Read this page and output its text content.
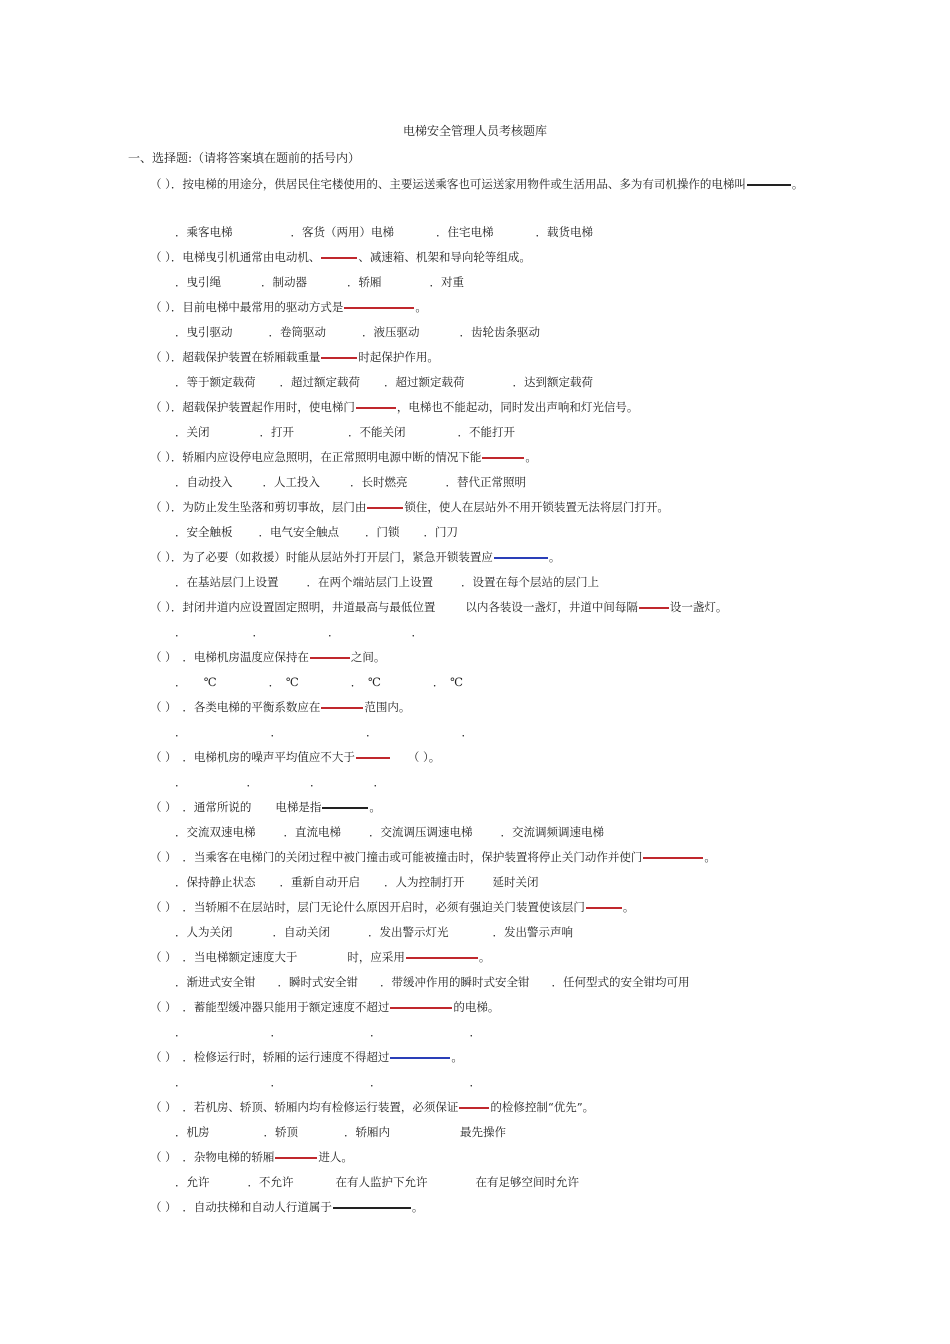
电梯安全管理人员考核题库
一、选择题:（请将答案填在题前的括号内）
（ ）．按电梯的用途分，供居民住宅楼使用的、主要运送乘客也可运送家用物件或生活用品、多为有司机操作的电梯叫	。
．乘客电梯	．客货（两用）电梯	．住宅电梯	．载货电梯
（ ）．电梯曳引机通常由电动机、	、减速箱、机架和导向轮等组成。
．曳引绳	．制动器	．轿厢	．对重
（ ）．目前电梯中最常用的驱动方式是	。
．曳引驱动	．卷筒驱动	．液压驱动	．齿轮齿条驱动
（ ）．超载保护装置在轿厢载重量	时起保护作用。
．等于额定载荷 ．超过额定载荷 ．超过额定载荷	．达到额定载荷
（ ）．超载保护装置起作用时，使电梯门	，电梯也不能起动，同时发出声响和灯光信号。
．关闭	．打开	．不能关闭	．不能打开
（ ）．轿厢内应设停电应急照明，在正常照明电源中断的情况下能	。
．自动投入	．人工投入	．长时燃亮	．替代正常照明
（ ）．为防止发生坠落和剪切事故，层门由	锁住，使人在层站外不用开锁装置无法将层门打开。
．安全触板 ．电气安全触点 ．门锁 ．门刀
（ ）．为了必要（如救援）时能从层站外打开层门，紧急开锁装置应	。
．在基站层门上设置 ．在两个端站层门上设置 ．设置在每个层站的层门上
（ ）．封闭井道内应设置固定照明，井道最高与最低位置	以内各装设一盏灯，井道中间每隔	设一盏灯。
．	．	．	．
（ ）　．电梯机房温度应保持在	之间。
．　　℃	．　℃	．　℃	．　℃
（ ）　．各类电梯的平衡系数应在	范围内。
．	．	．	．
（ ）　．电梯机房的噪声平均值应不大于	（ ）。
．	．	．	．
（ ）　．通常所说的 电梯是指	。
．交流双速电梯 ．直流电梯 ．交流调压调速电梯 ．交流调频调速电梯
（ ）　．当乘客在电梯门的关闭过程中被门撞击或可能被撞击时，保护装置将停止关门动作并使门	。
．保持静止状态 ．重新自动开启 ．人为控制打开 延时关闭
（ ）　．当轿厢不在层站时，层门无论什么原因开启时，必须有强迫关门装置使该层门	。
．人为关闭	．自动关闭	．发出警示灯光	．发出警示声响
（ ）　．当电梯额定速度大于	时，应采用	。
．渐进式安全钳 ．瞬时式安全钳 ．带缓冲作用的瞬时式安全钳 ．任何型式的安全钳均可用
（ ）　．蓄能型缓冲器只能用于额定速度不超过	的电梯。
．	．	．	．
（ ）　．检修运行时，轿厢的运行速度不得超过	。
．	．	．	．
（ ）　．若机房、轿顶、轿厢内均有检修运行装置，必须保证	的检修控制“优先”。
．机房	．轿顶	．轿厢内	最先操作
（ ）　．杂物电梯的轿厢	进人。
．允许	．不允许	在有人监护下允许	在有足够空间时允许
（ ）　．自动扶梯和自动人行道属于	。
